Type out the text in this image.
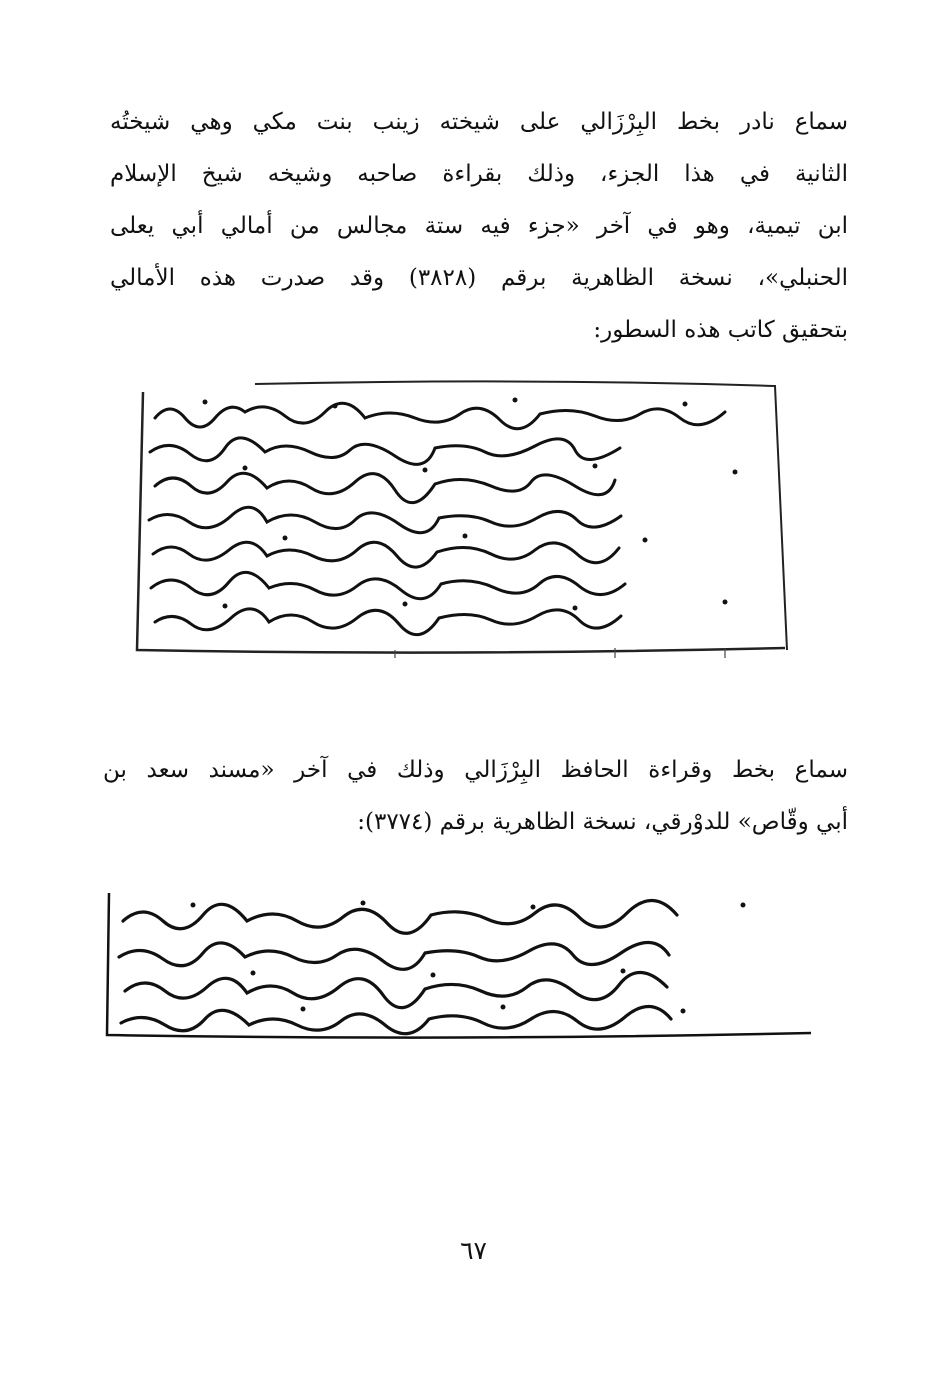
سماع نادر بخط البِرْزَالي على شيخته زينب بنت مكي وهي شيختُه
الثانية في هذا الجزء، وذلك بقراءة صاحبه وشيخه شيخ الإسلام
ابن تيمية، وهو في آخر «جزء فيه ستة مجالس من أمالي أبي يعلى
الحنبلي»، نسخة الظاهرية برقم (٣٨٢٨) وقد صدرت هذه الأمالي
بتحقيق كاتب هذه السطور:
سماع بخط وقراءة الحافظ البِرْزَالي وذلك في آخر «مسند سعد بن
أبي وقّاص» للدوْرقي، نسخة الظاهرية برقم (٣٧٧٤):
٦٧
